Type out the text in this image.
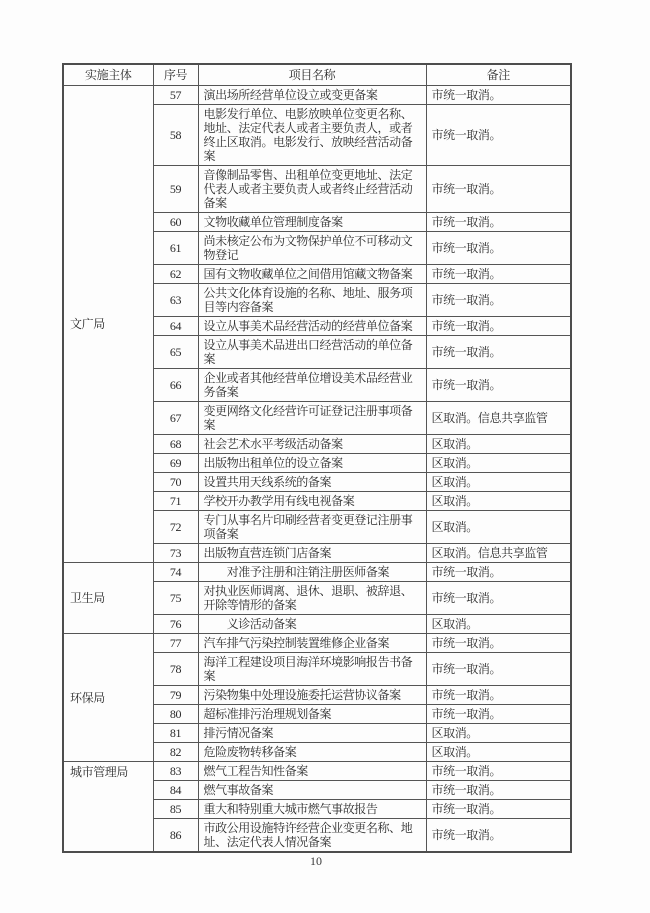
实施主体	序号	项目名称	备注
文广局	57	演出场所经营单位设立或变更备案	市统一取消。
	58	电影发行单位、电影放映单位变更名称、地址、法定代表人或者主要负责人，或者终止区取消。电影发行、放映经营活动备案	市统一取消。
	59	音像制品零售、出租单位变更地址、法定代表人或者主要负责人或者终止经营活动备案	市统一取消。
	60	文物收藏单位管理制度备案	市统一取消。
	61	尚未核定公布为文物保护单位不可移动文物登记	市统一取消。
	62	国有文物收藏单位之间借用馆藏文物备案	市统一取消。
	63	公共文化体育设施的名称、地址、服务项目等内容备案	市统一取消。
	64	设立从事美术品经营活动的经营单位备案	市统一取消。
	65	设立从事美术品进出口经营活动的单位备案	市统一取消。
	66	企业或者其他经营单位增设美术品经营业务备案	市统一取消。
	67	变更网络文化经营许可证登记注册事项备案	区取消。信息共享监管
	68	社会艺术水平考级活动备案	区取消。
	69	出版物出租单位的设立备案	区取消。
	70	设置共用天线系统的备案	区取消。
	71	学校开办教学用有线电视备案	区取消。
	72	专门从事名片印刷经营者变更登记注册事项备案	区取消。
	73	出版物直营连锁门店备案	区取消。信息共享监管
卫生局	74	　　对准予注册和注销注册医师备案	市统一取消。
	75	对执业医师调离、退休、退职、被辞退、开除等情形的备案	市统一取消。
	76	　　义诊活动备案	区取消。
环保局	77	汽车排气污染控制装置维修企业备案	市统一取消。
	78	海洋工程建设项目海洋环境影响报告书备案	市统一取消。
	79	污染物集中处理设施委托运营协议备案	市统一取消。
	80	超标准排污治理规划备案	市统一取消。
	81	排污情况备案	区取消。
	82	危险废物转移备案	区取消。
城市管理局	83	燃气工程告知性备案	市统一取消。
	84	燃气事故备案	市统一取消。
	85	重大和特别重大城市燃气事故报告	市统一取消。
	86	市政公用设施特许经营企业变更名称、地址、法定代表人情况备案	市统一取消。
10
